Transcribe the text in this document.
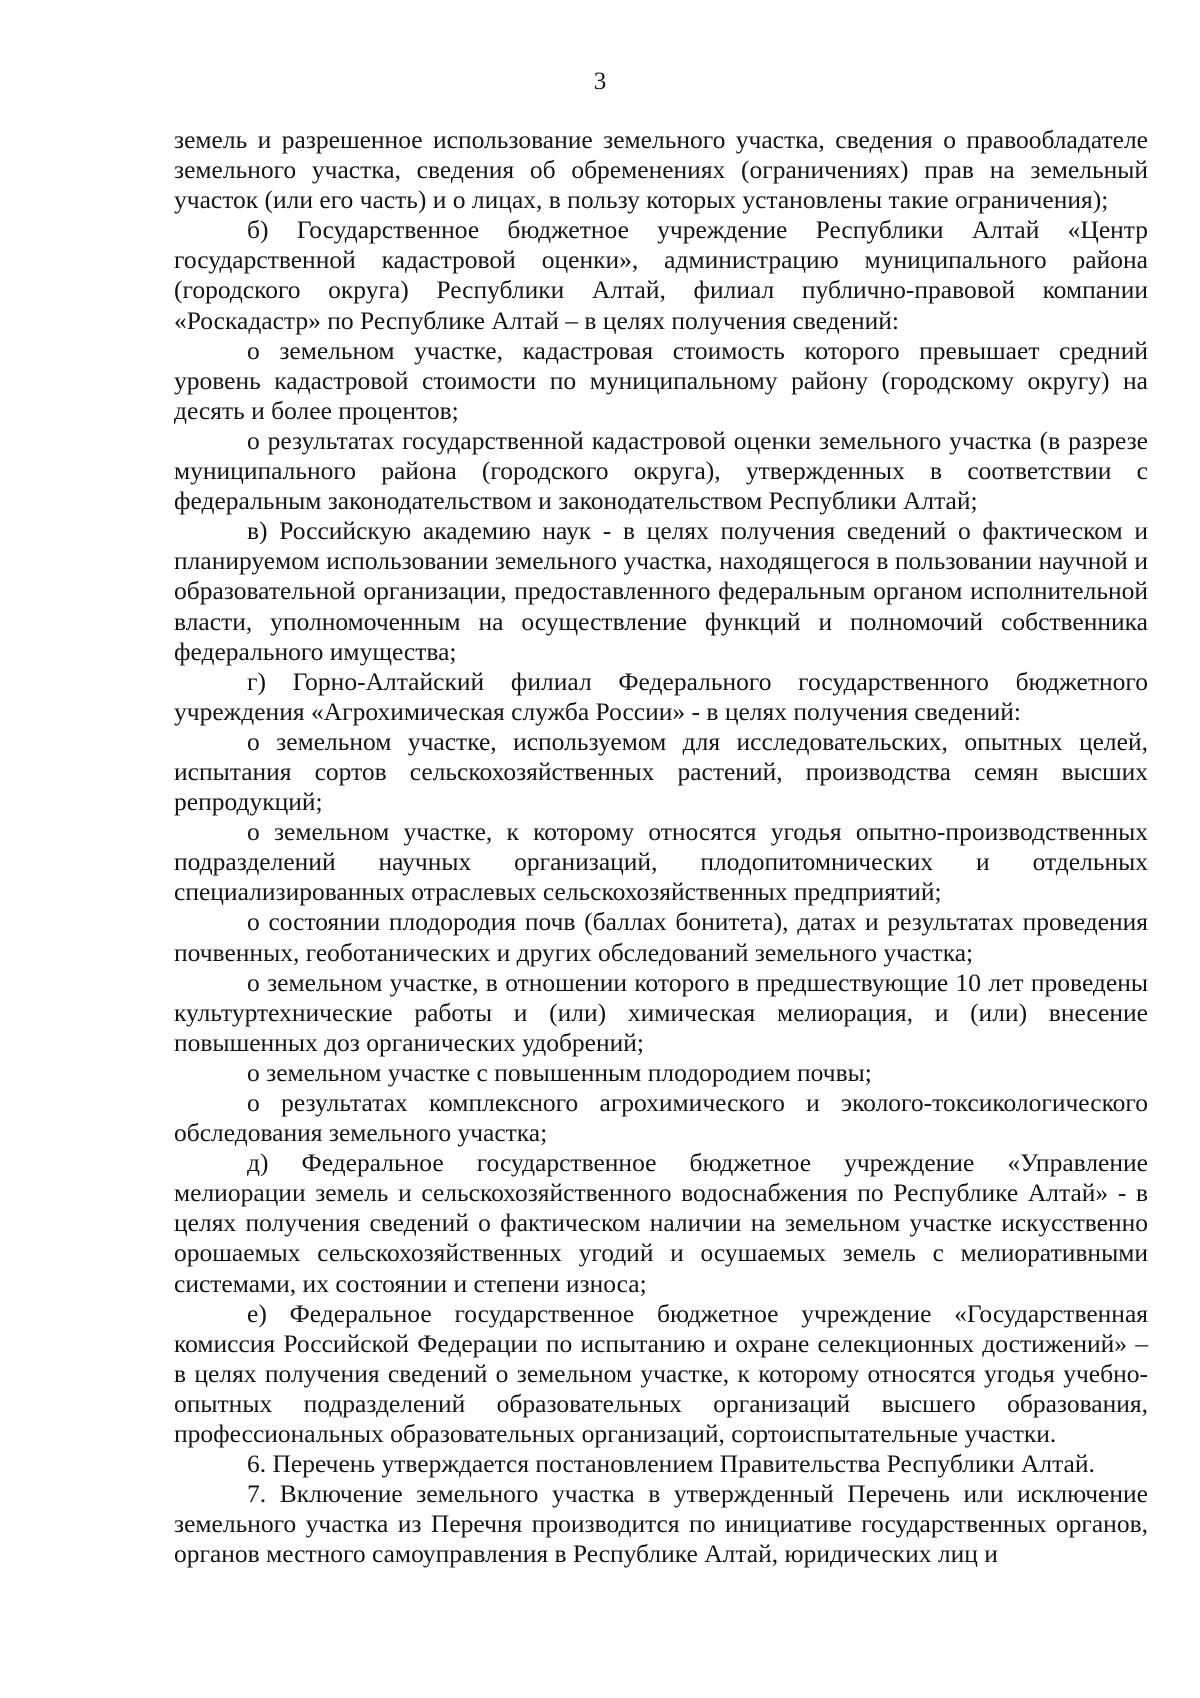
3

земель и разрешенное использование земельного участка, сведения о правообладателе земельного участка, сведения об обременениях (ограничениях) прав на земельный участок (или его часть) и о лицах, в пользу которых установлены такие ограничения);

б) Государственное бюджетное учреждение Республики Алтай «Центр государственной кадастровой оценки», администрацию муниципального района (городского округа) Республики Алтай, филиал публично-правовой компании «Роскадастр» по Республике Алтай – в целях получения сведений:

о земельном участке, кадастровая стоимость которого превышает средний уровень кадастровой стоимости по муниципальному району (городскому округу) на десять и более процентов;

о результатах государственной кадастровой оценки земельного участка (в разрезе муниципального района (городского округа), утвержденных в соответствии с федеральным законодательством и законодательством Республики Алтай;

в) Российскую академию наук - в целях получения сведений о фактическом и планируемом использовании земельного участка, находящегося в пользовании научной и образовательной организации, предоставленного федеральным органом исполнительной власти, уполномоченным на осуществление функций и полномочий собственника федерального имущества;

г) Горно-Алтайский филиал Федерального государственного бюджетного учреждения «Агрохимическая служба России» - в целях получения сведений:

о земельном участке, используемом для исследовательских, опытных целей, испытания сортов сельскохозяйственных растений, производства семян высших репродукций;

о земельном участке, к которому относятся угодья опытно-производственных подразделений научных организаций, плодопитомнических и отдельных специализированных отраслевых сельскохозяйственных предприятий;

о состоянии плодородия почв (баллах бонитета), датах и результатах проведения почвенных, геоботанических и других обследований земельного участка;

о земельном участке, в отношении которого в предшествующие 10 лет проведены культуртехнические работы и (или) химическая мелиорация, и (или) внесение повышенных доз органических удобрений;

о земельном участке с повышенным плодородием почвы;

о результатах комплексного агрохимического и эколого-токсикологического обследования земельного участка;

д) Федеральное государственное бюджетное учреждение «Управление мелиорации земель и сельскохозяйственного водоснабжения по Республике Алтай» - в целях получения сведений о фактическом наличии на земельном участке искусственно орошаемых сельскохозяйственных угодий и осушаемых земель с мелиоративными системами, их состоянии и степени износа;

е) Федеральное государственное бюджетное учреждение «Государственная комиссия Российской Федерации по испытанию и охране селекционных достижений» – в целях получения сведений о земельном участке, к которому относятся угодья учебно-опытных подразделений образовательных организаций высшего образования, профессиональных образовательных организаций, сортоиспытательные участки.

6. Перечень утверждается постановлением Правительства Республики Алтай.

7. Включение земельного участка в утвержденный Перечень или исключение земельного участка из Перечня производится по инициативе государственных органов, органов местного самоуправления в Республике Алтай, юридических лиц и
